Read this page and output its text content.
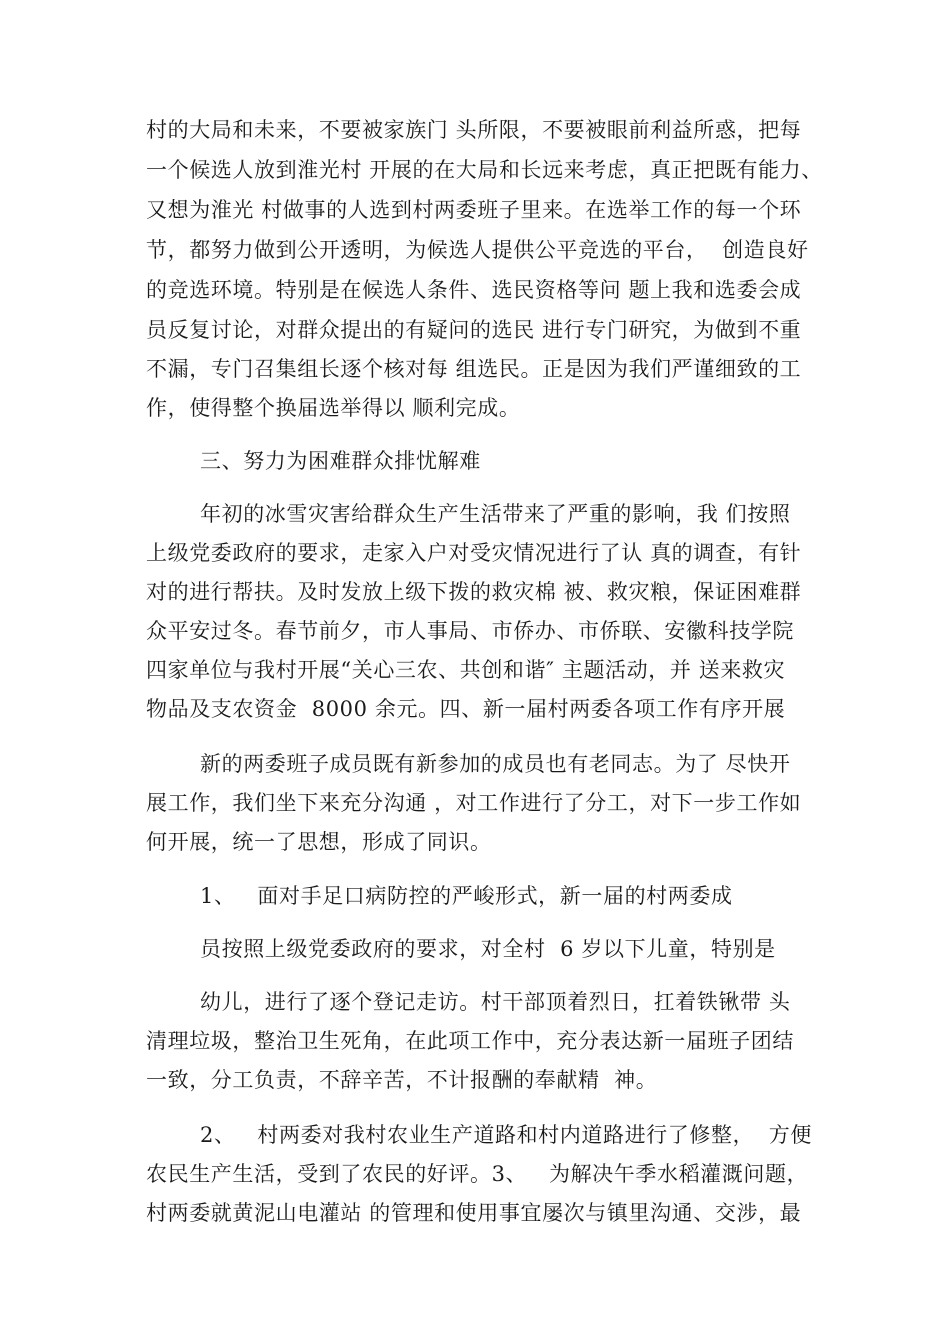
村的大局和未来，不要被家族门 头所限，不要被眼前利益所惑，把每
一个候选人放到淮光村 开展的在大局和长远来考虑，真正把既有能力、
又想为淮光 村做事的人选到村两委班子里来。在选举工作的每一个环
节，都努力做到公开透明，为候选人提供公平竞选的平台，  创造良好
的竞选环境。特别是在候选人条件、选民资格等问 题上我和选委会成
员反复讨论，对群众提出的有疑问的选民 进行专门研究，为做到不重
不漏，专门召集组长逐个核对每 组选民。正是因为我们严谨细致的工
作，使得整个换届选举得以 顺利完成。
三、努力为困难群众排忧解难
年初的冰雪灾害给群众生产生活带来了严重的影响，我 们按照
上级党委政府的要求，走家入户对受灾情况进行了认 真的调查，有针
对的进行帮扶。及时发放上级下拨的救灾棉 被、救灾粮，保证困难群
众平安过冬。春节前夕，市人事局、市侨办、市侨联、安徽科技学院
四家单位与我村开展“关心三农、共创和谐″ 主题活动，并 送来救灾
物品及支农资金  8000 余元。四、新一届村两委各项工作有序开展
新的两委班子成员既有新参加的成员也有老同志。为了 尽快开
展工作，我们坐下来充分沟通 ，对工作进行了分工，对下一步工作如
何开展，统一了思想，形成了同识。
1、   面对手足口病防控的严峻形式，新一届的村两委成
员按照上级党委政府的要求，对全村  6 岁以下儿童，特别是
幼儿，进行了逐个登记走访。村干部顶着烈日，扛着铁锹带 头
清理垃圾，整治卫生死角，在此项工作中，充分表达新一届班子团结
一致，分工负责，不辞辛苦，不计报酬的奉献精  神。
2、   村两委对我村农业生产道路和村内道路进行了修整，  方便
农民生产生活，受到了农民的好评。3、   为解决午季水稻灌溉问题，
村两委就黄泥山电灌站 的管理和使用事宜屡次与镇里沟通、交涉，最
